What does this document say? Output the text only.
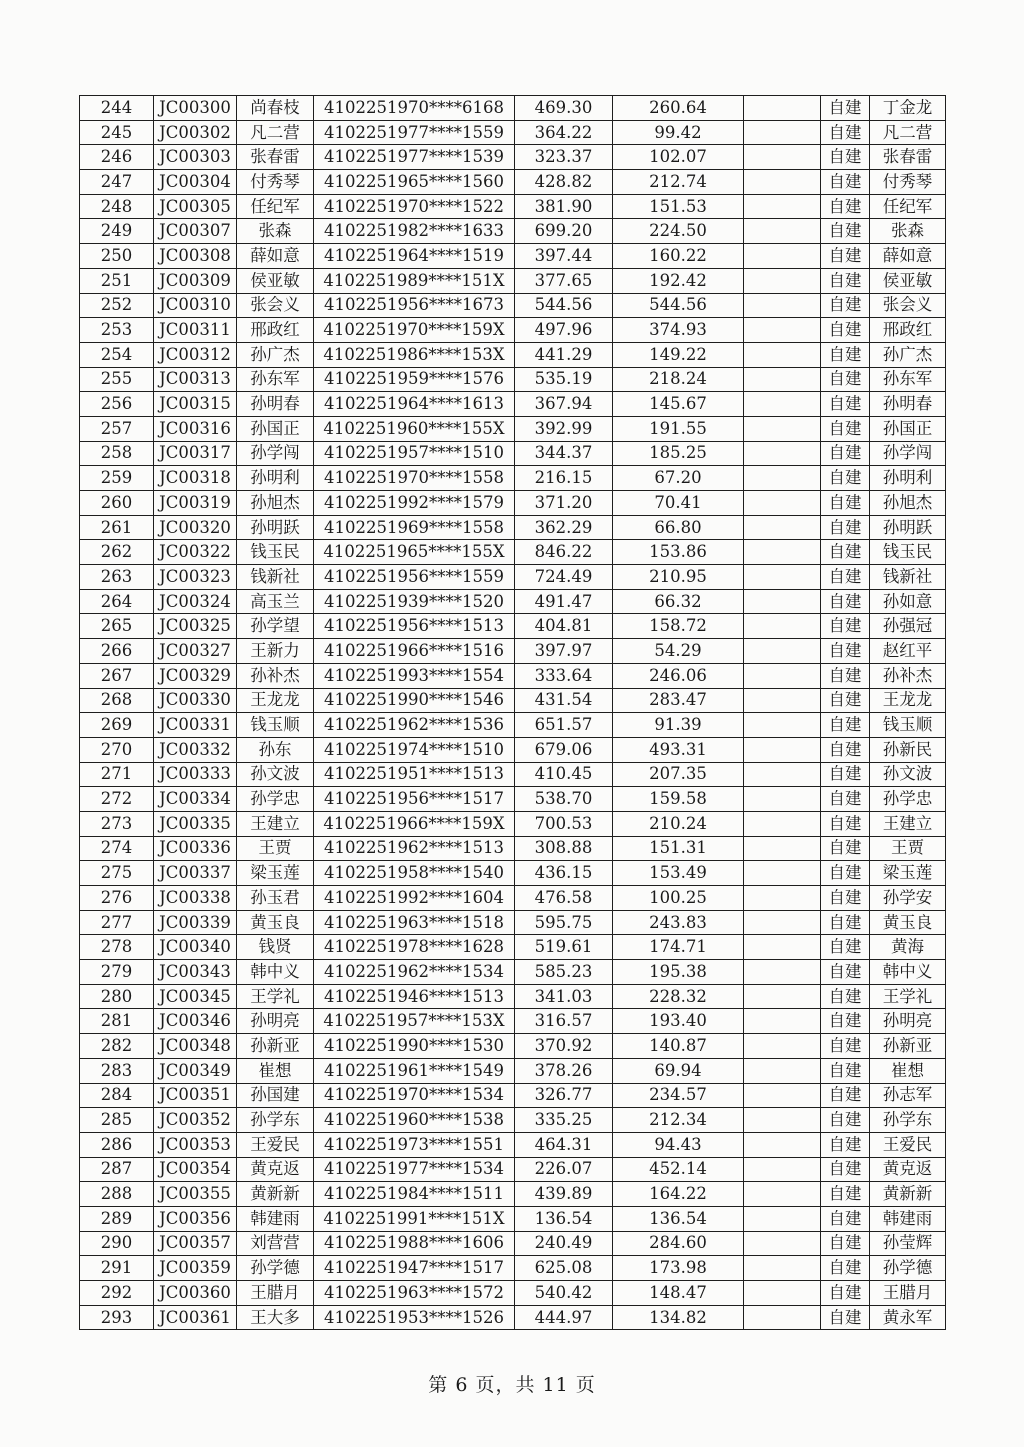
244	JC00300	尚春枝	4102251970****6168	469.30	260.64		自建	丁金龙
245	JC00302	凡二营	4102251977****1559	364.22	99.42		自建	凡二营
246	JC00303	张春雷	4102251977****1539	323.37	102.07		自建	张春雷
247	JC00304	付秀琴	4102251965****1560	428.82	212.74		自建	付秀琴
248	JC00305	任纪军	4102251970****1522	381.90	151.53		自建	任纪军
249	JC00307	张森	4102251982****1633	699.20	224.50		自建	张森
250	JC00308	薛如意	4102251964****1519	397.44	160.22		自建	薛如意
251	JC00309	侯亚敏	4102251989****151X	377.65	192.42		自建	侯亚敏
252	JC00310	张会义	4102251956****1673	544.56	544.56		自建	张会义
253	JC00311	邢政红	4102251970****159X	497.96	374.93		自建	邢政红
254	JC00312	孙广杰	4102251986****153X	441.29	149.22		自建	孙广杰
255	JC00313	孙东军	4102251959****1576	535.19	218.24		自建	孙东军
256	JC00315	孙明春	4102251964****1613	367.94	145.67		自建	孙明春
257	JC00316	孙国正	4102251960****155X	392.99	191.55		自建	孙国正
258	JC00317	孙学闯	4102251957****1510	344.37	185.25		自建	孙学闯
259	JC00318	孙明利	4102251970****1558	216.15	67.20		自建	孙明利
260	JC00319	孙旭杰	4102251992****1579	371.20	70.41		自建	孙旭杰
261	JC00320	孙明跃	4102251969****1558	362.29	66.80		自建	孙明跃
262	JC00322	钱玉民	4102251965****155X	846.22	153.86		自建	钱玉民
263	JC00323	钱新社	4102251956****1559	724.49	210.95		自建	钱新社
264	JC00324	高玉兰	4102251939****1520	491.47	66.32		自建	孙如意
265	JC00325	孙学望	4102251956****1513	404.81	158.72		自建	孙强冠
266	JC00327	王新力	4102251966****1516	397.97	54.29		自建	赵红平
267	JC00329	孙补杰	4102251993****1554	333.64	246.06		自建	孙补杰
268	JC00330	王龙龙	4102251990****1546	431.54	283.47		自建	王龙龙
269	JC00331	钱玉顺	4102251962****1536	651.57	91.39		自建	钱玉顺
270	JC00332	孙东	4102251974****1510	679.06	493.31		自建	孙新民
271	JC00333	孙文波	4102251951****1513	410.45	207.35		自建	孙文波
272	JC00334	孙学忠	4102251956****1517	538.70	159.58		自建	孙学忠
273	JC00335	王建立	4102251966****159X	700.53	210.24		自建	王建立
274	JC00336	王贾	4102251962****1513	308.88	151.31		自建	王贾
275	JC00337	梁玉莲	4102251958****1540	436.15	153.49		自建	梁玉莲
276	JC00338	孙玉君	4102251992****1604	476.58	100.25		自建	孙学安
277	JC00339	黄玉良	4102251963****1518	595.75	243.83		自建	黄玉良
278	JC00340	钱贤	4102251978****1628	519.61	174.71		自建	黄海
279	JC00343	韩中义	4102251962****1534	585.23	195.38		自建	韩中义
280	JC00345	王学礼	4102251946****1513	341.03	228.32		自建	王学礼
281	JC00346	孙明亮	4102251957****153X	316.57	193.40		自建	孙明亮
282	JC00348	孙新亚	4102251990****1530	370.92	140.87		自建	孙新亚
283	JC00349	崔想	4102251961****1549	378.26	69.94		自建	崔想
284	JC00351	孙国建	4102251970****1534	326.77	234.57		自建	孙志军
285	JC00352	孙学东	4102251960****1538	335.25	212.34		自建	孙学东
286	JC00353	王爱民	4102251973****1551	464.31	94.43		自建	王爱民
287	JC00354	黄克返	4102251977****1534	226.07	452.14		自建	黄克返
288	JC00355	黄新新	4102251984****1511	439.89	164.22		自建	黄新新
289	JC00356	韩建雨	4102251991****151X	136.54	136.54		自建	韩建雨
290	JC00357	刘营营	4102251988****1606	240.49	284.60		自建	孙莹辉
291	JC00359	孙学德	4102251947****1517	625.08	173.98		自建	孙学德
292	JC00360	王腊月	4102251963****1572	540.42	148.47		自建	王腊月
293	JC00361	王大多	4102251953****1526	444.97	134.82		自建	黄永军
第 6 页，共 11 页
